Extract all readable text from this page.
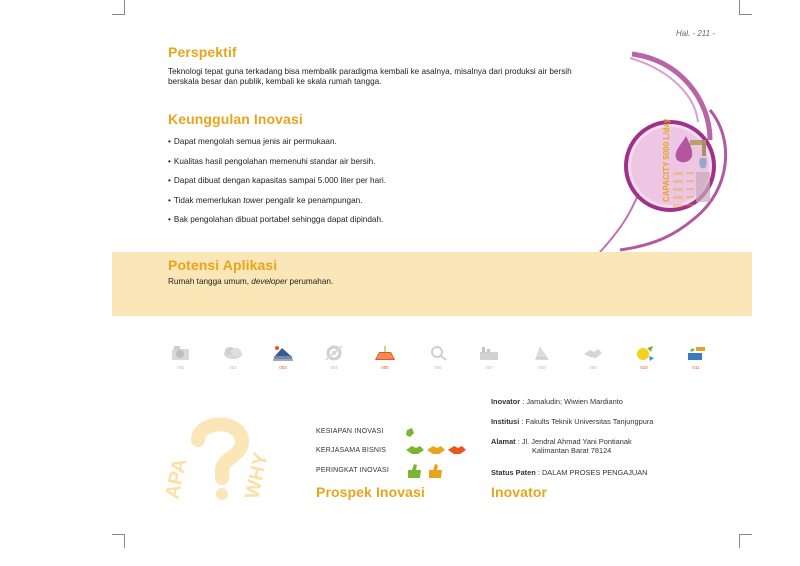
Hal. - 211 -
Perspektif
Teknologi tepat guna terkadang bisa membalik paradigma kembali ke asalnya, misalnya dari produksi air bersih
berskala besar dan publik, kembali ke skala rumah tangga.
Keunggulan Inovasi
• Dapat mengolah semua jenis air permukaan.
• Kualitas hasil pengolahan memenuhi standar air bersih.
• Dapat dibuat dengan kapasitas sampai 5.000 liter per hari.
• Tidak memerlukan tower pengalir ke penampungan.
• Bak pengolahan dibuat portabel sehingga dapat dipindah.
CAPACITY 5000 L/day 1000
2000
3000
4000
5000
Potensi Aplikasi
Rumah tangga umum, developer perumahan.
001	002	003	004	005	006	007	008	009	010	011
APA	WHY
KESIAPAN INOVASI
KERJASAMA BISNIS
PERINGKAT INOVASI
Prospek Inovasi
Inovator : Jamaludin; Wiwien Mardianto
Institusi : Fakults Teknik Universitas Tanjungpura
Alamat : Jl. Jendral Ahmad Yani Pontianak
Kalimantan Barat 78124
Status Paten : DALAM PROSES PENGAJUAN
Inovator
